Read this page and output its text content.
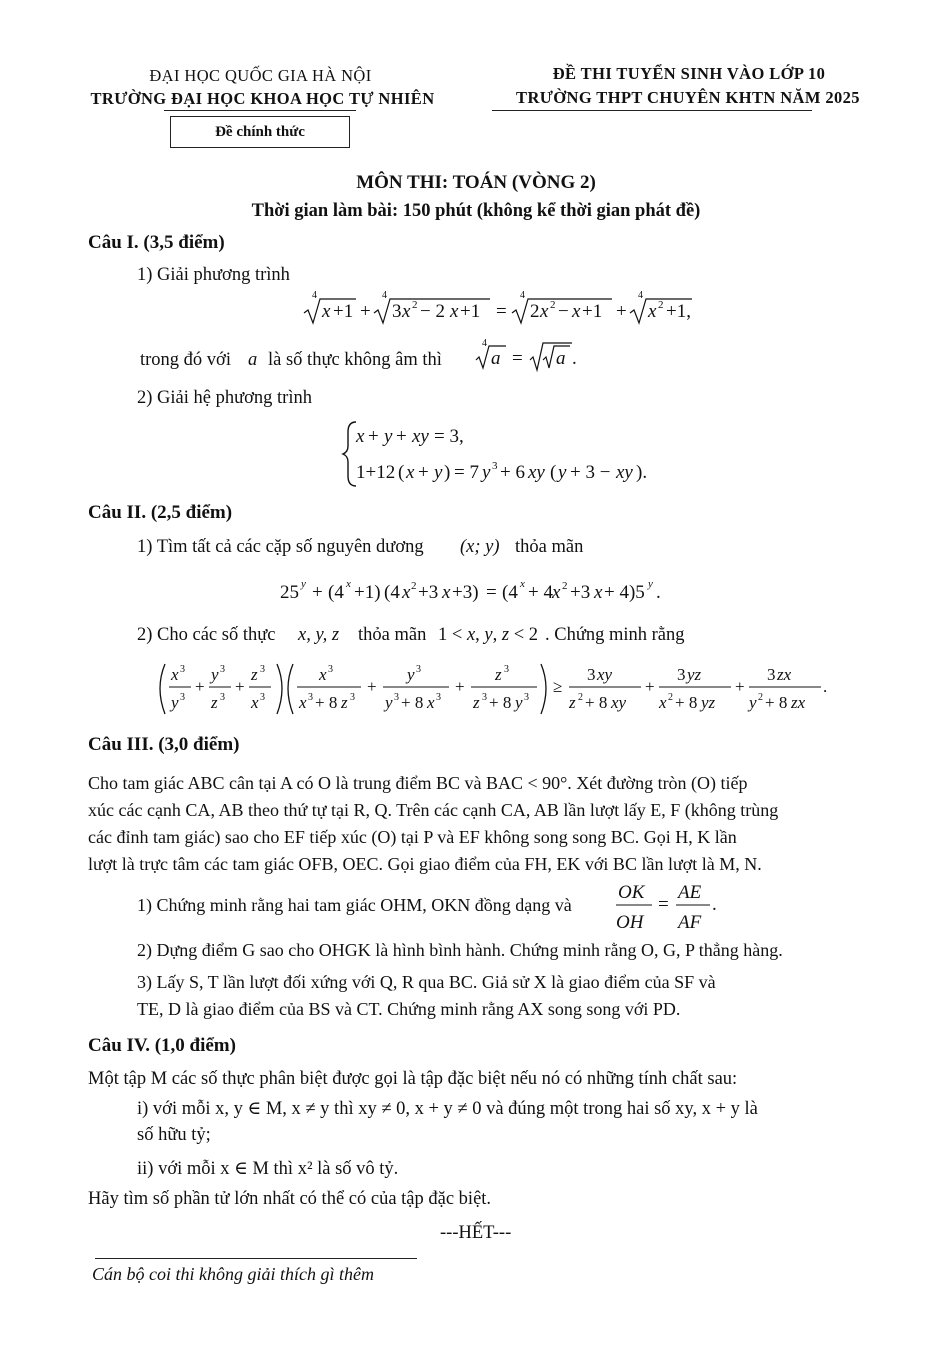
ĐẠI HỌC QUỐC GIA HÀ NỘI
TRƯỜNG ĐẠI HỌC KHOA HỌC TỰ NHIÊN
Đề chính thức
ĐỀ THI TUYỂN SINH VÀO LỚP 10
TRƯỜNG THPT CHUYÊN KHTN NĂM 2025
MÔN THI: TOÁN (VÒNG 2)
Thời gian làm bài: 150 phút (không kể thời gian phát đề)
Câu I. (3,5 điểm)
1) Giải phương trình
4
x +1 +
4
3 x 2 − 2 x +1 =
4
2 x 2 − x +1 +
4
x 2 +1,
trong đó với a là số thực không âm thì
4
a = a .
2) Giải hệ phương trình
x + y + xy = 3,
1+12 ( x + y ) = 7 y 3 + 6 xy ( y + 3 − xy ).
Câu II. (2,5 điểm)
1) Tìm tất cả các cặp số nguyên dương (x; y) thỏa mãn
25 y + (4 x +1) (4 x 2 +3 x +3) = (4 x + 4 x 2 +3 x + 4)5 y .
2) Cho các số thực x, y, z thỏa mãn 1 < x, y, z < 2 . Chứng minh rằng
x 3
y 3
+
y 3
z 3
+
z 3
x 3
x 3
x 3 + 8 z 3
+
y 3
y 3 + 8 x 3
+
z 3
z 3 + 8 y 3
≥
3 xy
z 2 + 8 xy
+
3 yz
x 2 + 8 yz
+
3 zx
y 2 + 8 zx
.
Câu III. (3,0 điểm)
Cho tam giác ABC cân tại A có O là trung điểm BC và BAC < 90°. Xét đường tròn (O) tiếp
xúc các cạnh CA, AB theo thứ tự tại R, Q. Trên các cạnh CA, AB lần lượt lấy E, F (không trùng
các đỉnh tam giác) sao cho EF tiếp xúc (O) tại P và EF không song song BC. Gọi H, K lần
lượt là trực tâm các tam giác OFB, OEC. Gọi giao điểm của FH, EK với BC lần lượt là M, N.
1) Chứng minh rằng hai tam giác OHM, OKN đồng dạng và
OK
OH
=
AE
AF
.
2) Dựng điểm G sao cho OHGK là hình bình hành. Chứng minh rằng O, G, P thẳng hàng.
3) Lấy S, T lần lượt đối xứng với Q, R qua BC. Giả sử X là giao điểm của SF và
TE, D là giao điểm của BS và CT. Chứng minh rằng AX song song với PD.
Câu IV. (1,0 điểm)
Một tập M các số thực phân biệt được gọi là tập đặc biệt nếu nó có những tính chất sau:
i) với mỗi x, y ∈ M, x ≠ y thì xy ≠ 0, x + y ≠ 0 và đúng một trong hai số xy, x + y là
số hữu tỷ;
ii) với mỗi x ∈ M thì x² là số vô tỷ.
Hãy tìm số phần tử lớn nhất có thể có của tập đặc biệt.
---HẾT---
Cán bộ coi thi không giải thích gì thêm
